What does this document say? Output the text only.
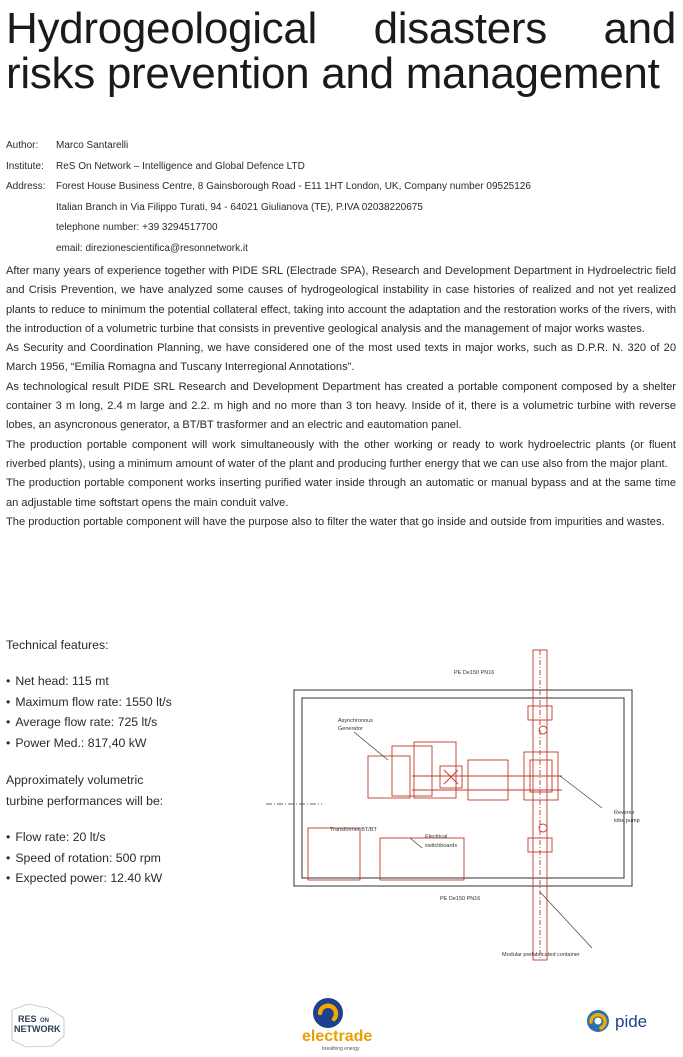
Hydrogeological disasters and
risks prevention and management
Author:	Marco Santarelli
Institute:	ReS On Network – Intelligence and Global Defence LTD
Address:	Forest House Business Centre, 8 Gainsborough Road - E11 1HT London, UK, Company number 09525126
Italian Branch in Via Filippo Turati, 94 - 64021 Giulianova (TE), P.IVA 02038220675
telephone number: +39 3294517700
email: direzionescientifica@resonnetwork.it

After many years of experience together with PIDE SRL (Electrade SPA), Research and Development Department in Hydroelectric field and Crisis Prevention, we have analyzed some causes of hydrogeological instability in case histories of realized and not yet realized plants to reduce to minimum the potential collateral effect, taking into account the adaptation and the restoration works of the rivers, with the introduction of a volumetric turbine that consists in preventive geological analysis and the management of major works wastes.

As Security and Coordination Planning, we have considered one of the most used texts in major works, such as D.P.R. N. 320 of 20 March 1956, “Emilia Romagna and Tuscany Interregional Annotations”.

As technological result PIDE SRL Research and Development Department has created a portable component composed by a shelter container 3 m long, 2.4 m large and 2.2. m high and no more than 3 ton heavy. Inside of it, there is a volumetric turbine with reverse lobes, an asyncronous generator, a BT/BT trasformer and an electric and eautomation panel.

The production portable component will work simultaneously with the other working or ready to work hydroelectric plants (or fluent riverbed plants), using a minimum amount of water of the plant and producing further energy that we can use also from the major plant.

The production portable component works inserting purified water inside through an automatic or manual bypass and at the same time an adjustable time softstart opens the main conduit valve.

The production portable component will have the purpose also to filter the water that go inside and outside from impurities and wastes.

Technical features:
• Net head: 115 mt
• Maximum flow rate: 1550 lt/s
• Average flow rate: 725 lt/s
• Power Med.: 817,40 kW
Approximately volumetric
turbine performances will be:
• Flow rate: 20 lt/s
• Speed of rotation: 500 rpm
• Expected power: 12.40 kW
PE De150 PN16
Asynchronous
Generator
Transformer BT/BT
Electrical
switchboards
Reverse
lobe pump
PE De150 PN16
Modular prefabricated container
RES ON
NETWORK	electrade
breathing energy
pide
